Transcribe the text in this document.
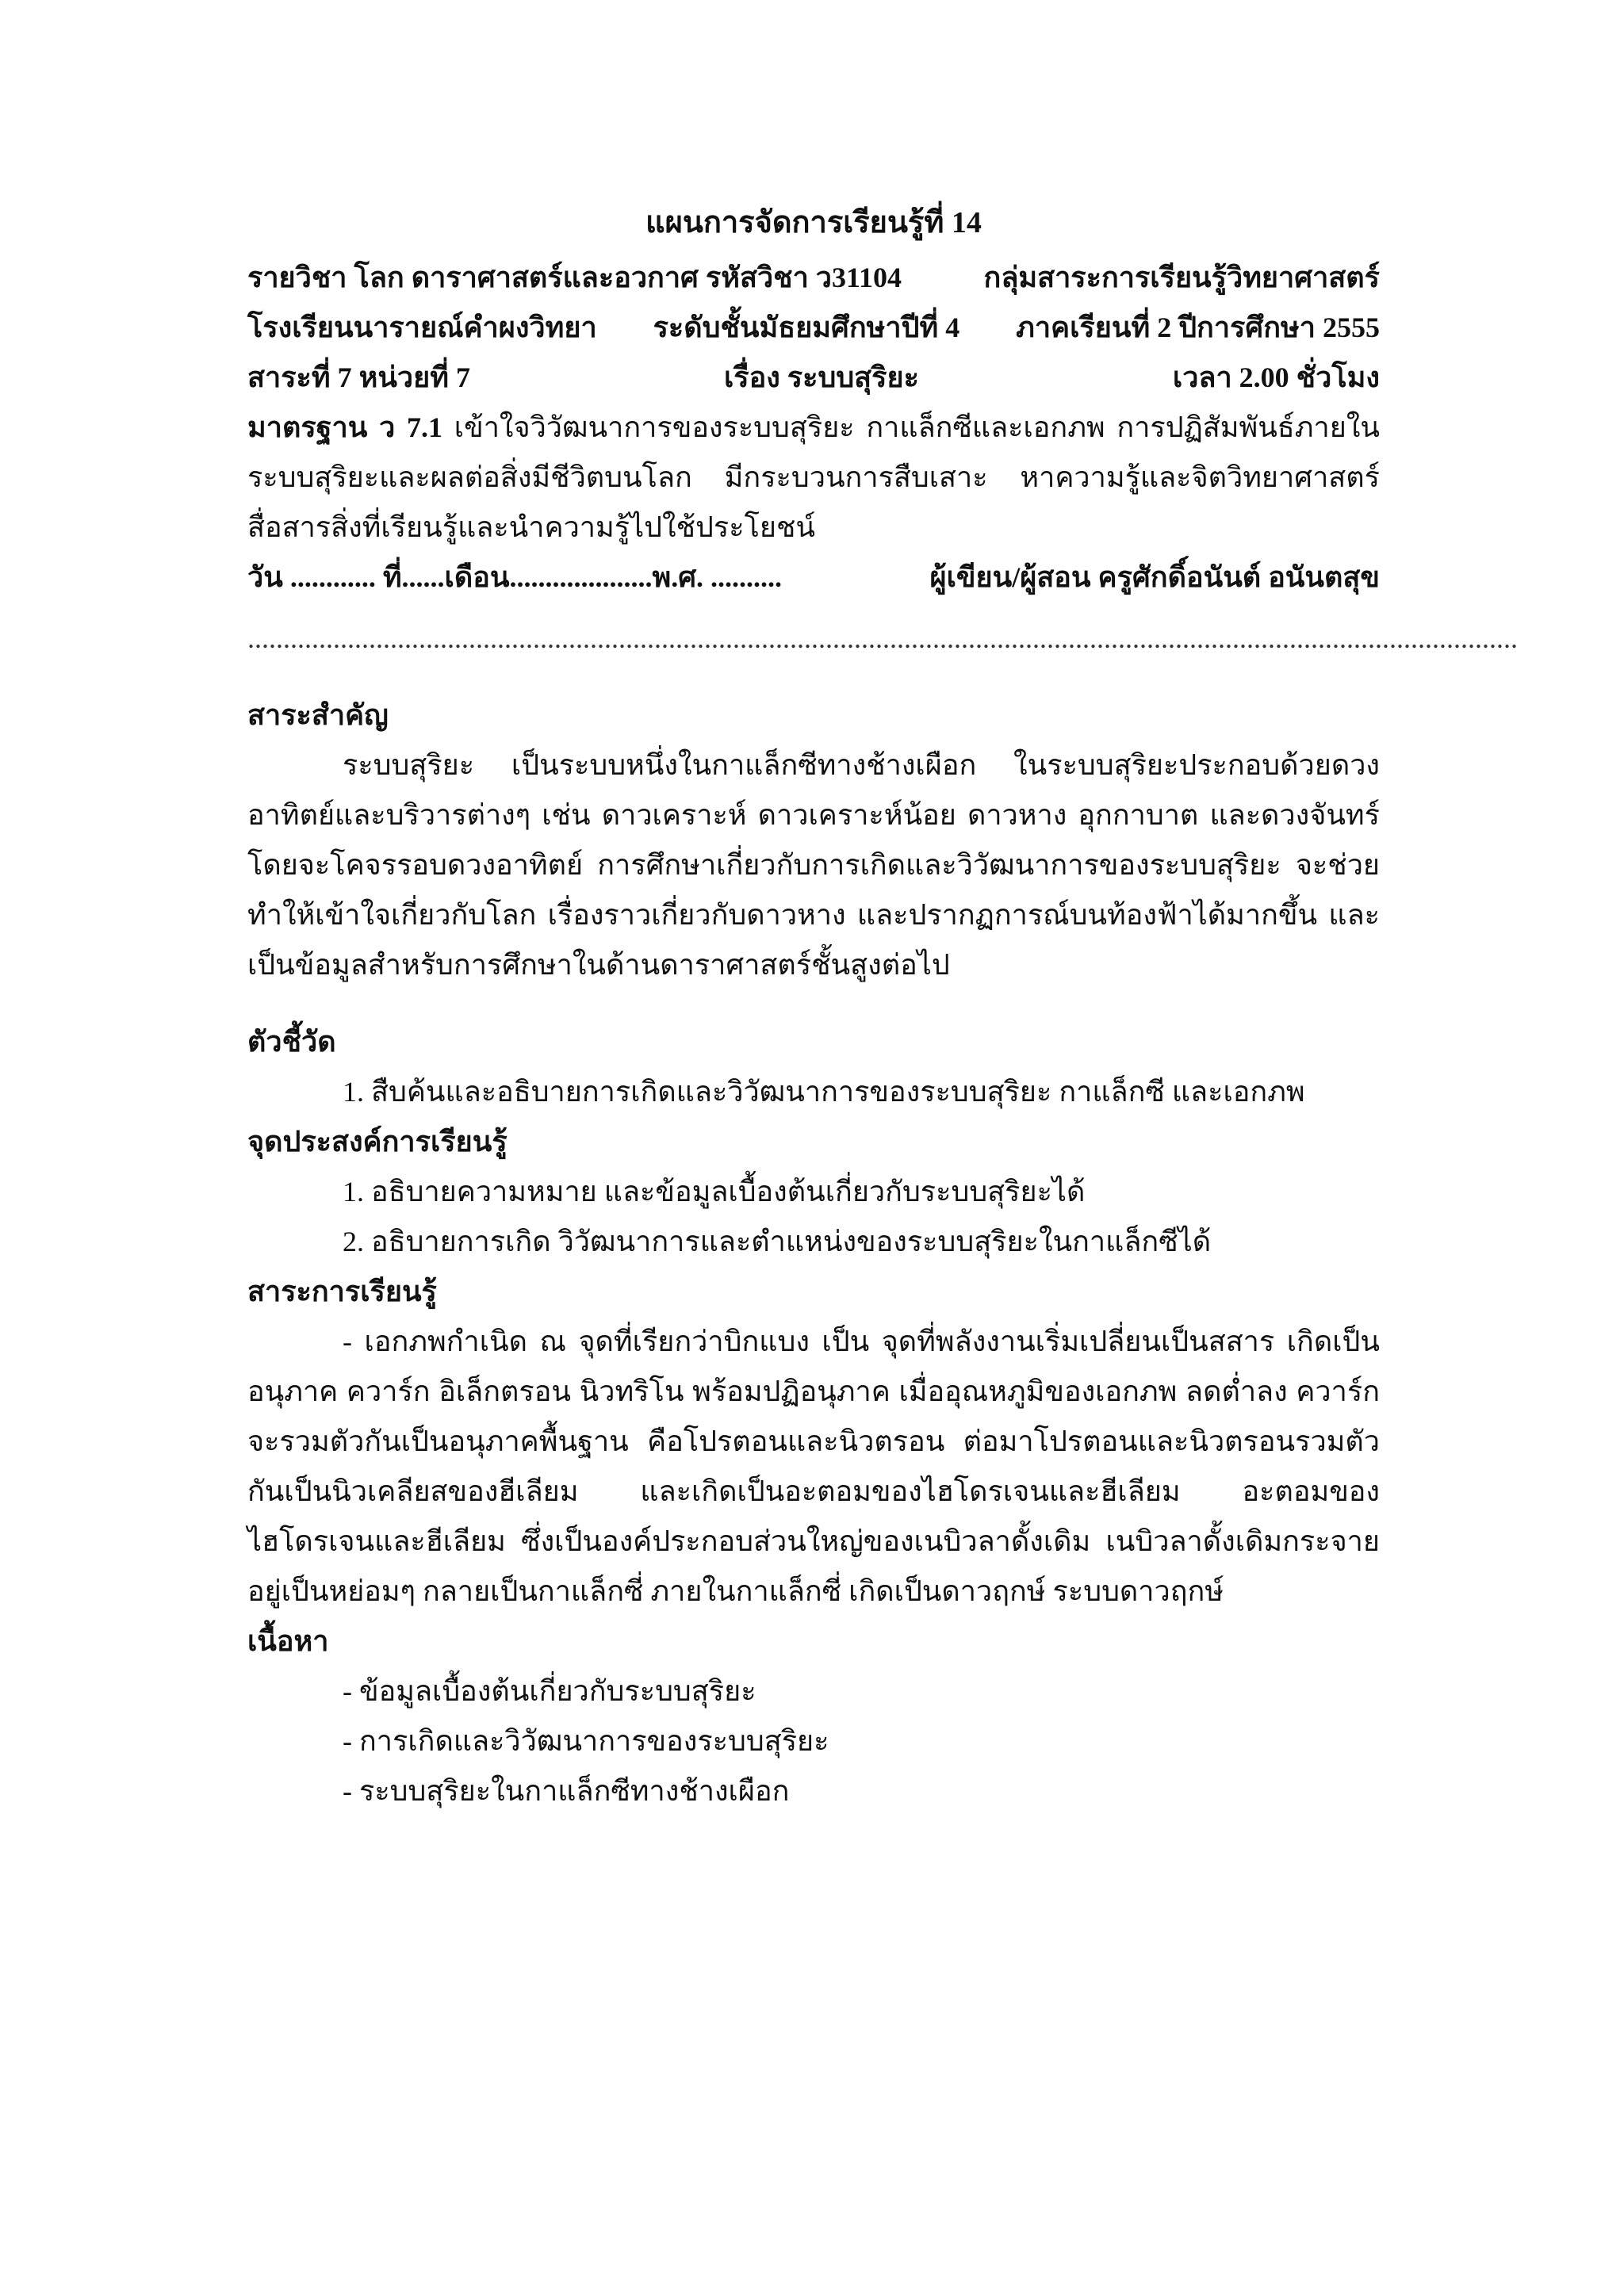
แผนการจัดการเรียนรู้ที่ 14

รายวิชา โลก ดาราศาสตร์และอวกาศ รหัสวิชา ว31104	กลุ่มสาระการเรียนรู้วิทยาศาสตร์
โรงเรียนนารายณ์คำผงวิทยา ระดับชั้นมัธยมศึกษาปีที่ 4 ภาคเรียนที่ 2 ปีการศึกษา 2555
สาระที่ 7 หน่วยที่ 7	เรื่อง ระบบสุริยะ	เวลา 2.00 ชั่วโมง

มาตรฐาน ว 7.1 เข้าใจวิวัฒนาการของระบบสุริยะ กาแล็กซีและเอกภพ การปฏิสัมพันธ์ภายในระบบสุริยะและผลต่อสิ่งมีชีวิตบนโลก มีกระบวนการสืบเสาะ หาความรู้และจิตวิทยาศาสตร์ สื่อสารสิ่งที่เรียนรู้และนำความรู้ไปใช้ประโยชน์

วัน ............ ที่......เดือน....................พ.ศ. ..........	ผู้เขียน/ผู้สอน ครูศักดิ์อนันต์ อนันตสุข
..................................................................................................................................................................................

สาระสำคัญ

ระบบสุริยะ เป็นระบบหนึ่งในกาแล็กซีทางช้างเผือก ในระบบสุริยะประกอบด้วยดวงอาทิตย์และบริวารต่างๆ เช่น ดาวเคราะห์ ดาวเคราะห์น้อย ดาวหาง อุกกาบาต และดวงจันทร์ โดยจะโคจรรอบดวงอาทิตย์ การศึกษาเกี่ยวกับการเกิดและวิวัฒนาการของระบบสุริยะ จะช่วยทำให้เข้าใจเกี่ยวกับโลก เรื่องราวเกี่ยวกับดาวหาง และปรากฏการณ์บนท้องฟ้าได้มากขึ้น และเป็นข้อมูลสำหรับการศึกษาในด้านดาราศาสตร์ชั้นสูงต่อไป

ตัวชี้วัด

1. สืบค้นและอธิบายการเกิดและวิวัฒนาการของระบบสุริยะ กาแล็กซี และเอกภพ

จุดประสงค์การเรียนรู้

1. อธิบายความหมาย และข้อมูลเบื้องต้นเกี่ยวกับระบบสุริยะได้

2. อธิบายการเกิด วิวัฒนาการและตำแหน่งของระบบสุริยะในกาแล็กซีได้

สาระการเรียนรู้

- เอกภพกำเนิด ณ จุดที่เรียกว่าบิกแบง เป็น จุดที่พลังงานเริ่มเปลี่ยนเป็นสสาร เกิดเป็นอนุภาค ควาร์ก อิเล็กตรอน นิวทริโน พร้อมปฏิอนุภาค เมื่ออุณหภูมิของเอกภพ ลดต่ำลง ควาร์กจะรวมตัวกันเป็นอนุภาคพื้นฐาน คือโปรตอนและนิวตรอน ต่อมาโปรตอนและนิวตรอนรวมตัวกันเป็นนิวเคลียสของฮีเลียม และเกิดเป็นอะตอมของไฮโดรเจนและฮีเลียม อะตอมของไฮโดรเจนและฮีเลียม ซึ่งเป็นองค์ประกอบส่วนใหญ่ของเนบิวลาดั้งเดิม เนบิวลาดั้งเดิมกระจายอยู่เป็นหย่อมๆ กลายเป็นกาแล็กซี่ ภายในกาแล็กซี่ เกิดเป็นดาวฤกษ์ ระบบดาวฤกษ์

เนื้อหา

- ข้อมูลเบื้องต้นเกี่ยวกับระบบสุริยะ

- การเกิดและวิวัฒนาการของระบบสุริยะ

- ระบบสุริยะในกาแล็กซีทางช้างเผือก
